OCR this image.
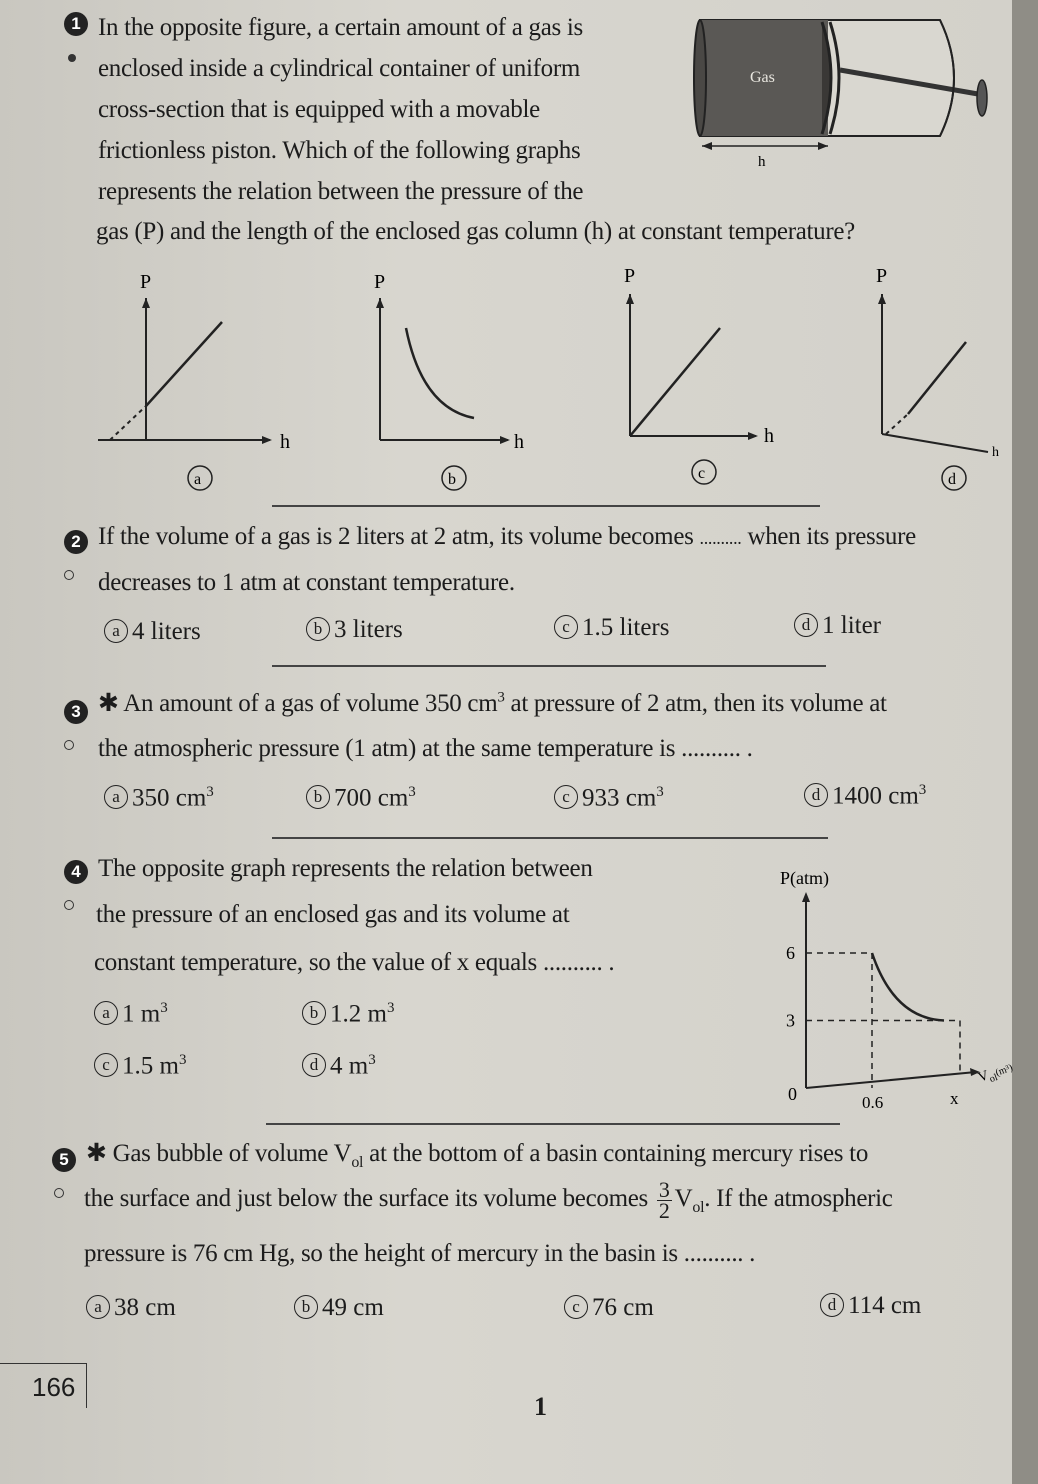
1 In the opposite figure, a certain amount of a gas is
enclosed inside a cylindrical container of uniform
cross-section that is equipped with a movable
frictionless piston. Which of the following graphs
represents the relation between the pressure of the
gas (P) and the length of the enclosed gas column (h) at constant temperature?
Gas
h
P
h
a
P
h
b
P
h
c
P
h
d
2 If the volume of a gas is 2 liters at 2 atm, its volume becomes .......... when its pressure
decreases to 1 atm at constant temperature.
a 4 liters	b 3 liters	c 1.5 liters	d 1 liter
3 ✱ An amount of a gas of volume 350 $cm^3$ at pressure of 2 atm, then its volume at
the atmospheric pressure (1 atm) at the same temperature is .......... .
a 350 $cm^3$	b 700 $cm^3$	c 933 $cm^3$	d 1400 $cm^3$
4 The opposite graph represents the relation between
the pressure of an enclosed gas and its volume at
constant temperature, so the value of x equals .......... .
a 1 $m^3$	b 1.2 $m^3$
c 1.5 $m^3$	d 4 $m^3$
P(atm)
0
$V_{ol}^{(m^3)}$
6
3
0.6	x
5 ✱ Gas bubble of volume $V_{ol}$ at the bottom of a basin containing mercury rises to
the surface and just below the surface its volume becomes $\frac{3}{2} V_{ol}$. If the atmospheric
pressure is 76 cm Hg, so the height of mercury in the basin is .......... .
a 38 cm	b 49 cm	c 76 cm	d 114 cm
166
1
